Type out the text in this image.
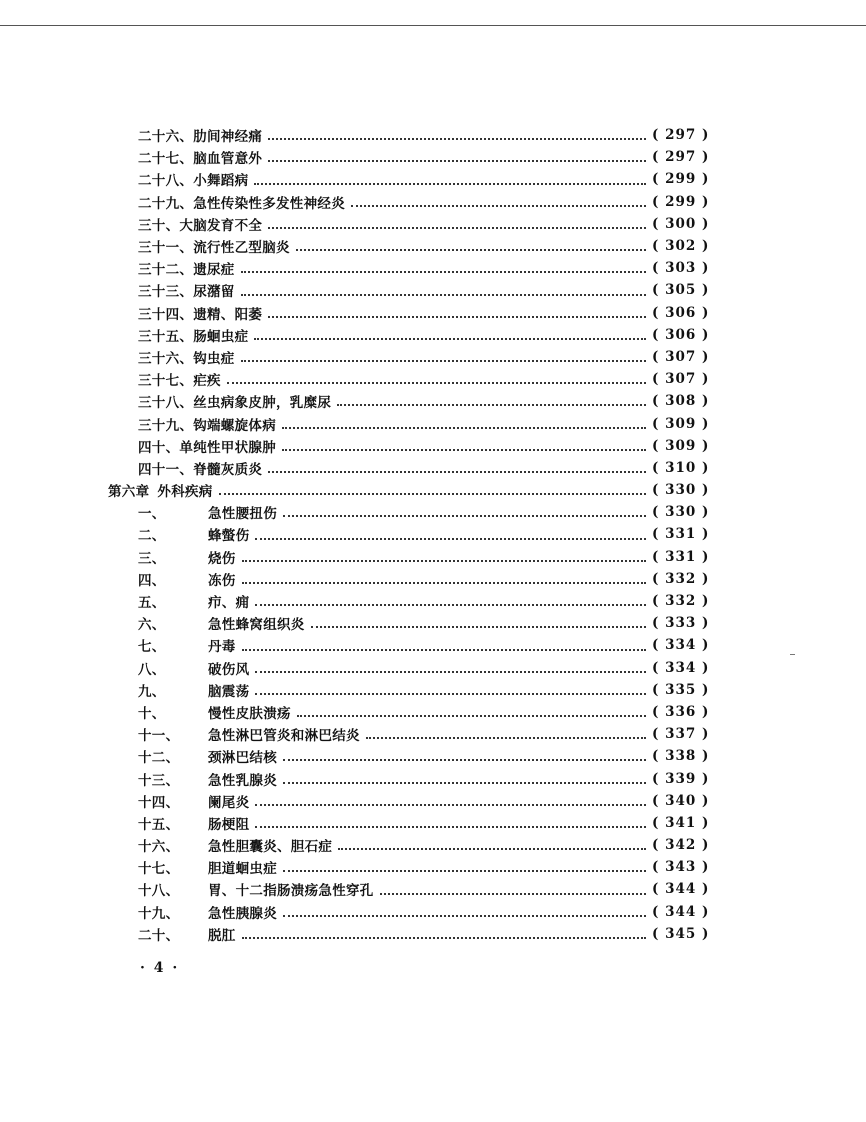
二十六、 肋间神经痛	( 297 )
二十七、 脑血管意外	( 297 )
二十八、 小舞蹈病	( 299 )
二十九、 急性传染性多发性神经炎	( 299 )
三十、 大脑发育不全	( 300 )
三十一、 流行性乙型脑炎	( 302 )
三十二、 遗尿症	( 303 )
三十三、 尿潴留	( 305 )
三十四、 遗精、阳萎	( 306 )
三十五、 肠蛔虫症	( 306 )
三十六、 钩虫症	( 307 )
三十七、 疟疾	( 307 )
三十八、 丝虫病象皮肿，乳糜尿	( 308 )
三十九、 钩端螺旋体病	( 309 )
四十、 单纯性甲状腺肿	( 309 )
四十一、 脊髓灰质炎	( 310 )
第六章 外科疾病	( 330 )
一、	急性腰扭伤	( 330 )
二、	蜂螫伤	( 331 )
三、	烧伤	( 331 )
四、	冻伤	( 332 )
五、	疖、痈	( 332 )
六、	急性蜂窝组织炎	( 333 )
七、	丹毒	( 334 )
八、	破伤风	( 334 )
九、	脑震荡	( 335 )
十、	慢性皮肤溃疡	( 336 )
十一、	急性淋巴管炎和淋巴结炎	( 337 )
十二、	颈淋巴结核	( 338 )
十三、	急性乳腺炎	( 339 )
十四、	阑尾炎	( 340 )
十五、	肠梗阻	( 341 )
十六、	急性胆囊炎、胆石症	( 342 )
十七、	胆道蛔虫症	( 343 )
十八、	胃、十二指肠溃疡急性穿孔	( 344 )
十九、	急性胰腺炎	( 344 )
二十、	脱肛	( 345 )
· 4 ·
